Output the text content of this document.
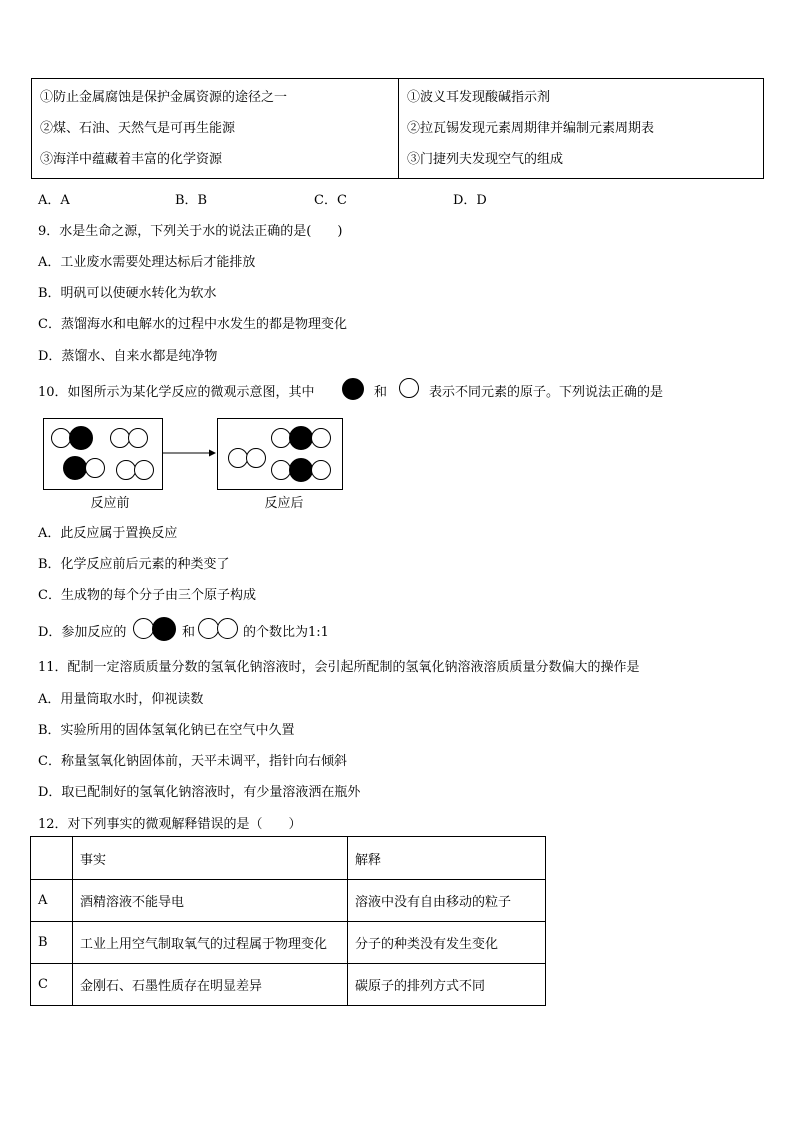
①防止金属腐蚀是保护金属资源的途径之一
②煤、石油、天然气是可再生能源
③海洋中蕴藏着丰富的化学资源

①波义耳发现酸碱指示剂
②拉瓦锡发现元素周期律并编制元素周期表
③门捷列夫发现空气的组成
A．A	B．B	C．C	D．D
9．水是生命之源，下列关于水的说法正确的是(　　)
A．工业废水需要处理达标后才能排放
B．明矾可以使硬水转化为软水
C．蒸馏海水和电解水的过程中水发生的都是物理变化
D．蒸馏水、自来水都是纯净物
10．如图所示为某化学反应的微观示意图，其中	和	表示不同元素的原子。下列说法正确的是
反应前	反应后
A．此反应属于置换反应
B．化学反应前后元素的种类变了
C．生成物的每个分子由三个原子构成
D．参加反应的	和	的个数比为1:1
11．配制一定溶质质量分数的氢氧化钠溶液时，会引起所配制的氢氧化钠溶液溶质质量分数偏大的操作是
A．用量筒取水时，仰视读数
B．实验所用的固体氢氧化钠已在空气中久置
C．称量氢氧化钠固体前，天平未调平，指针向右倾斜
D．取已配制好的氢氧化钠溶液时，有少量溶液洒在瓶外
12．对下列事实的微观解释错误的是（　　）
	事实	解释
A	酒精溶液不能导电	溶液中没有自由移动的粒子
B	工业上用空气制取氧气的过程属于物理变化	分子的种类没有发生变化
C	金刚石、石墨性质存在明显差异	碳原子的排列方式不同
